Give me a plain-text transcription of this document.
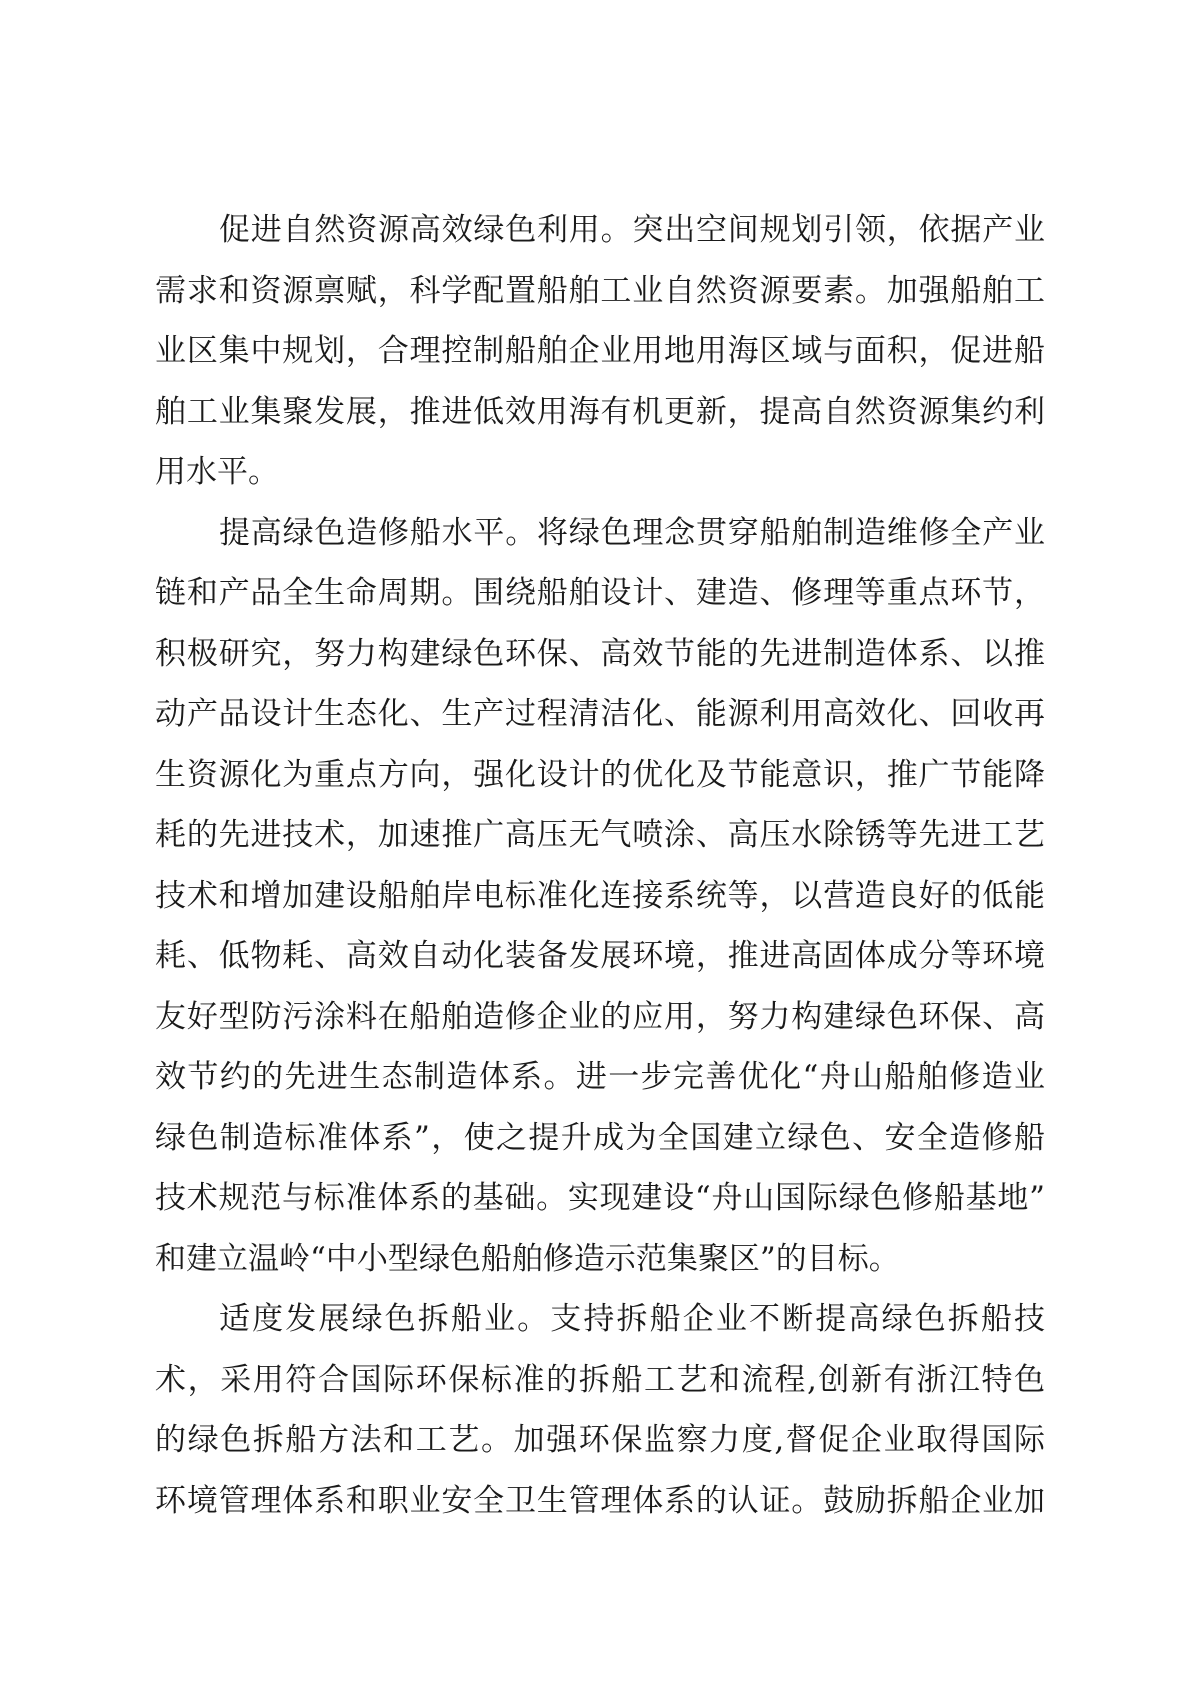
促进自然资源高效绿色利用。突出空间规划引领，依据产业
需求和资源禀赋，科学配置船舶工业自然资源要素。加强船舶工
业区集中规划，合理控制船舶企业用地用海区域与面积，促进船
舶工业集聚发展，推进低效用海有机更新，提高自然资源集约利
用水平。
提高绿色造修船水平。将绿色理念贯穿船舶制造维修全产业
链和产品全生命周期。围绕船舶设计、建造、修理等重点环节，
积极研究，努力构建绿色环保、高效节能的先进制造体系、以推
动产品设计生态化、生产过程清洁化、能源利用高效化、回收再
生资源化为重点方向，强化设计的优化及节能意识，推广节能降
耗的先进技术，加速推广高压无气喷涂、高压水除锈等先进工艺
技术和增加建设船舶岸电标准化连接系统等，以营造良好的低能
耗、低物耗、高效自动化装备发展环境，推进高固体成分等环境
友好型防污涂料在船舶造修企业的应用，努力构建绿色环保、高
效节约的先进生态制造体系。进一步完善优化“舟山船舶修造业
绿色制造标准体系”，使之提升成为全国建立绿色、安全造修船
技术规范与标准体系的基础。实现建设“舟山国际绿色修船基地”
和建立温岭“中小型绿色船舶修造示范集聚区”的目标。
适度发展绿色拆船业。支持拆船企业不断提高绿色拆船技
术，采用符合国际环保标准的拆船工艺和流程,创新有浙江特色
的绿色拆船方法和工艺。加强环保监察力度,督促企业取得国际
环境管理体系和职业安全卫生管理体系的认证。鼓励拆船企业加
